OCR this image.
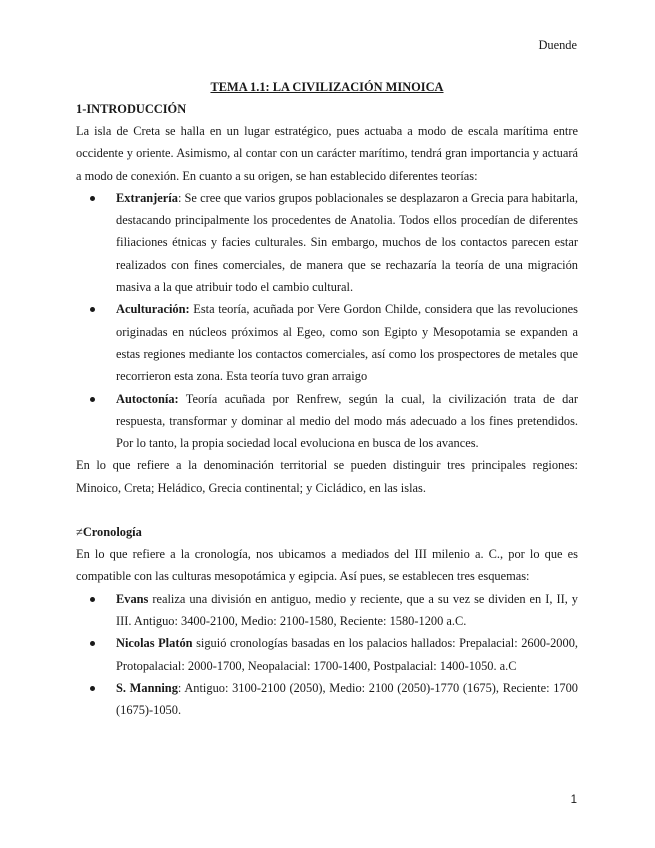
Duende

TEMA 1.1: LA CIVILIZACIÓN MINOICA

1-INTRODUCCIÓN

La isla de Creta se halla en un lugar estratégico, pues actuaba a modo de escala marítima entre occidente y oriente. Asimismo, al contar con un carácter marítimo, tendrá gran importancia y actuará a modo de conexión. En cuanto a su origen, se han establecido diferentes teorías:

Extranjería: Se cree que varios grupos poblacionales se desplazaron a Grecia para habitarla, destacando principalmente los procedentes de Anatolia. Todos ellos procedían de diferentes filiaciones étnicas y facies culturales. Sin embargo, muchos de los contactos parecen estar realizados con fines comerciales, de manera que se rechazaría la teoría de una migración masiva a la que atribuir todo el cambio cultural.
Aculturación: Esta teoría, acuñada por Vere Gordon Childe, considera que las revoluciones originadas en núcleos próximos al Egeo, como son Egipto y Mesopotamia se expanden a estas regiones mediante los contactos comerciales, así como los prospectores de metales que recorrieron esta zona. Esta teoría tuvo gran arraigo
Autoctonía: Teoría acuñada por Renfrew, según la cual, la civilización trata de dar respuesta, transformar y dominar al medio del modo más adecuado a los fines pretendidos. Por lo tanto, la propia sociedad local evoluciona en busca de los avances.

En lo que refiere a la denominación territorial se pueden distinguir tres principales regiones: Minoico, Creta; Heládico, Grecia continental; y Cicládico, en las islas.

≠Cronología

En lo que refiere a la cronología, nos ubicamos a mediados del III milenio a. C., por lo que es compatible con las culturas mesopotámica y egipcia. Así pues, se establecen tres esquemas:

Evans realiza una división en antiguo, medio y reciente, que a su vez se dividen en I, II, y III. Antiguo: 3400-2100, Medio: 2100-1580, Reciente: 1580-1200 a.C.
Nicolas Platón siguió cronologías basadas en los palacios hallados: Prepalacial: 2600-2000, Protopalacial: 2000-1700, Neopalacial: 1700-1400, Postpalacial: 1400-1050. a.C
S. Manning: Antiguo: 3100-2100 (2050), Medio: 2100 (2050)-1770 (1675), Reciente: 1700 (1675)-1050.
1
